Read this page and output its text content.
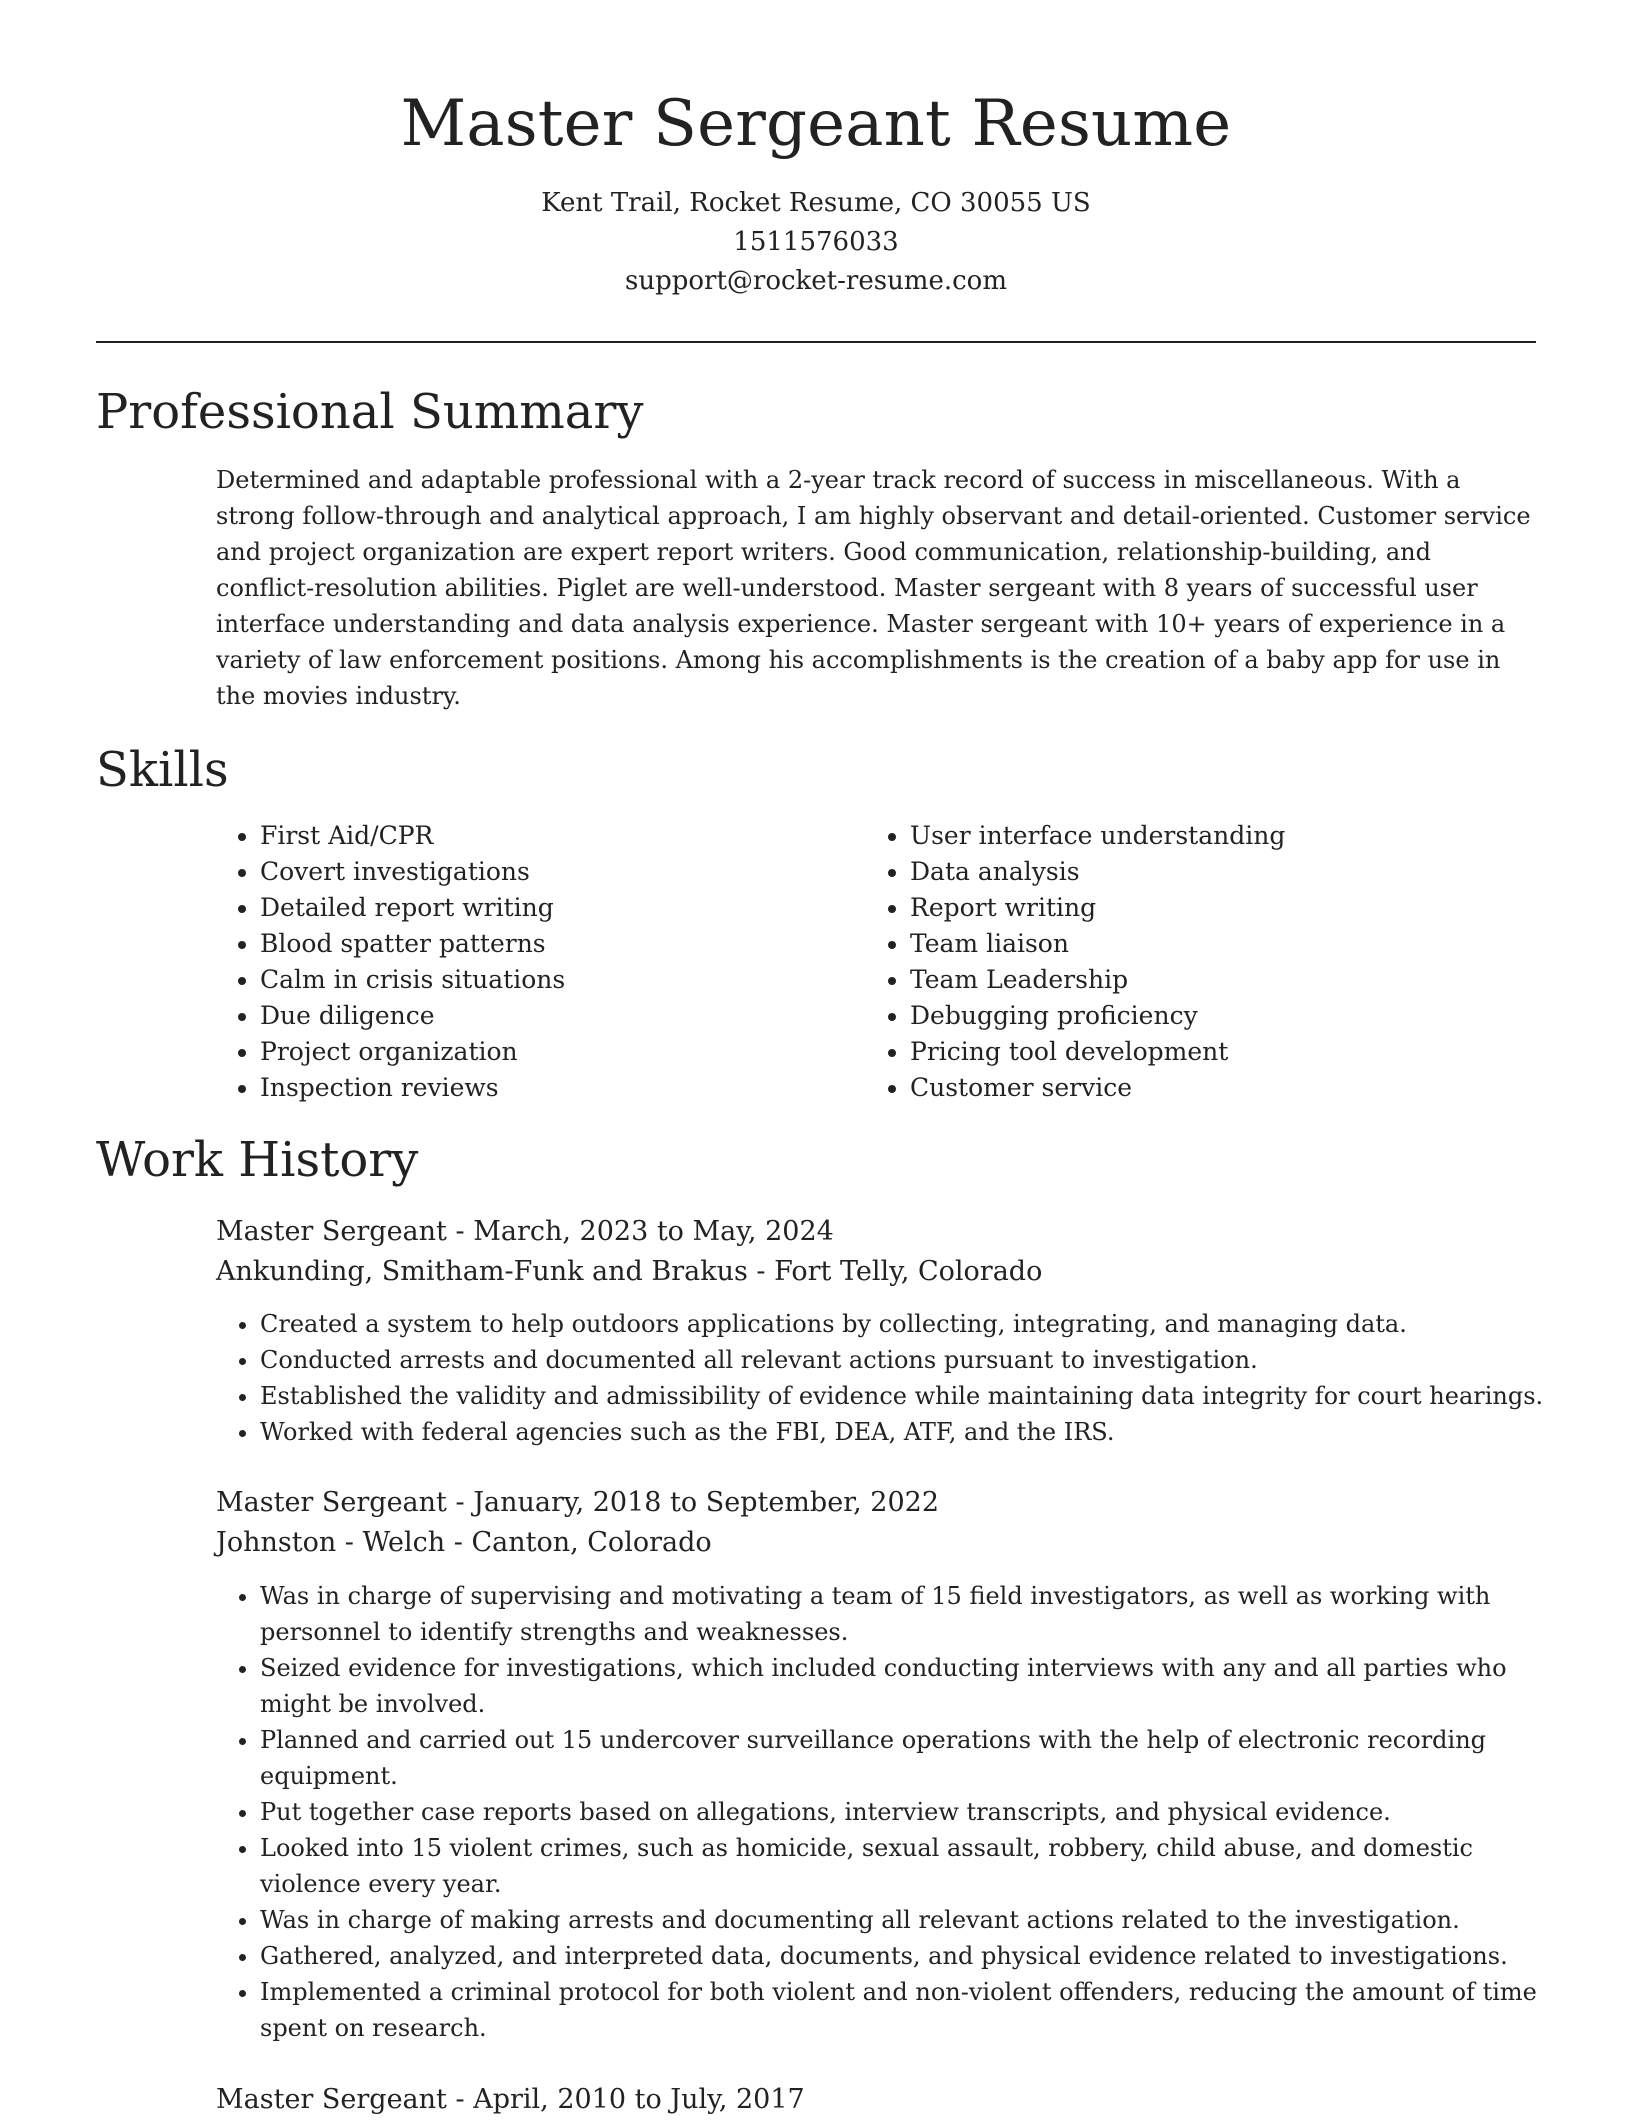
Master Sergeant Resume
Kent Trail, Rocket Resume, CO 30055 US
1511576033
support@rocket-resume.com
Professional Summary

Determined and adaptable professional with a 2-year track record of success in miscellaneous. With a strong follow-through and analytical approach, I am highly observant and detail-oriented. Customer service and project organization are expert report writers. Good communication, relationship-building, and conflict-resolution abilities. Piglet are well-understood. Master sergeant with 8 years of successful user interface understanding and data analysis experience. Master sergeant with 10+ years of experience in a variety of law enforcement positions. Among his accomplishments is the creation of a baby app for use in the movies industry.

Skills
• First Aid/CPR
• Covert investigations
• Detailed report writing
• Blood spatter patterns
• Calm in crisis situations
• Due diligence
• Project organization
• Inspection reviews
• User interface understanding
• Data analysis
• Report writing
• Team liaison
• Team Leadership
• Debugging proficiency
• Pricing tool development
• Customer service
Work History
Master Sergeant - March, 2023 to May, 2024
Ankunding, Smitham-Funk and Brakus - Fort Telly, Colorado
• Created a system to help outdoors applications by collecting, integrating, and managing data.
• Conducted arrests and documented all relevant actions pursuant to investigation.
• Established the validity and admissibility of evidence while maintaining data integrity for court hearings.
• Worked with federal agencies such as the FBI, DEA, ATF, and the IRS.
Master Sergeant - January, 2018 to September, 2022
Johnston - Welch - Canton, Colorado
• Was in charge of supervising and motivating a team of 15 field investigators, as well as working with personnel to identify strengths and weaknesses.
• Seized evidence for investigations, which included conducting interviews with any and all parties who might be involved.
• Planned and carried out 15 undercover surveillance operations with the help of electronic recording equipment.
• Put together case reports based on allegations, interview transcripts, and physical evidence.
• Looked into 15 violent crimes, such as homicide, sexual assault, robbery, child abuse, and domestic violence every year.
• Was in charge of making arrests and documenting all relevant actions related to the investigation.
• Gathered, analyzed, and interpreted data, documents, and physical evidence related to investigations.
• Implemented a criminal protocol for both violent and non-violent offenders, reducing the amount of time spent on research.
Master Sergeant - April, 2010 to July, 2017
